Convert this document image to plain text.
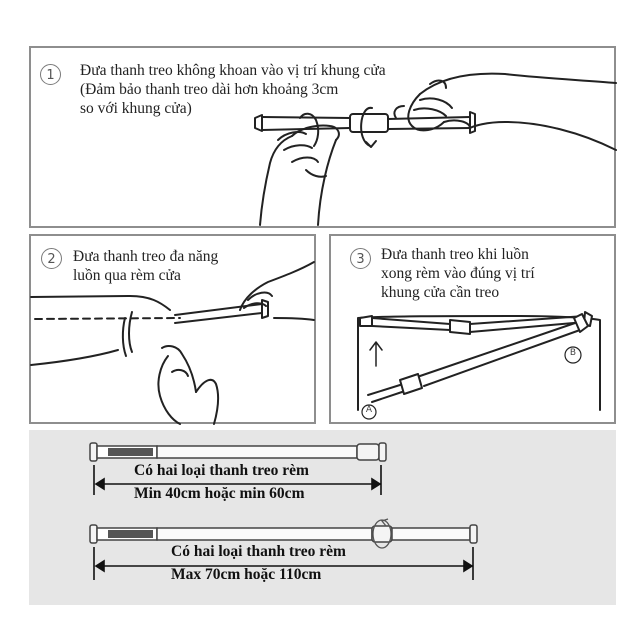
1	Đưa thanh treo không khoan vào vị trí khung cửa
(Đảm bảo thanh treo dài hơn khoảng 3cm
so với khung cửa)
2	Đưa thanh treo đa năng
luồn qua rèm cửa
3	Đưa thanh treo khi luồn
xong rèm vào đúng vị trí
khung cửa cần treo
A
B
Có hai loại thanh treo rèm
Min 40cm hoặc min 60cm
Có hai loại thanh treo rèm
Max 70cm hoặc 110cm
